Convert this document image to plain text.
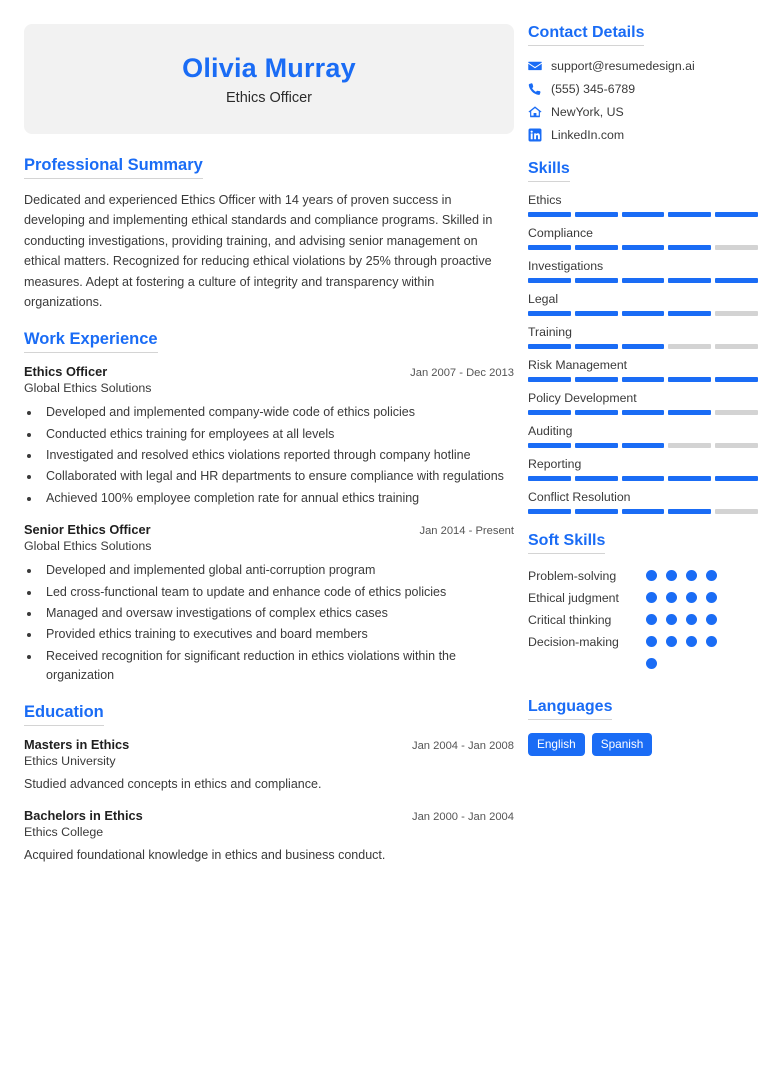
Olivia Murray
Ethics Officer
Professional Summary
Dedicated and experienced Ethics Officer with 14 years of proven success in developing and implementing ethical standards and compliance programs. Skilled in conducting investigations, providing training, and advising senior management on ethical matters. Recognized for reducing ethical violations by 25% through proactive measures. Adept at fostering a culture of integrity and transparency within organizations.
Work Experience
Ethics Officer	Jan 2007 - Dec 2013
Global Ethics Solutions
• Developed and implemented company-wide code of ethics policies
• Conducted ethics training for employees at all levels
• Investigated and resolved ethics violations reported through company hotline
• Collaborated with legal and HR departments to ensure compliance with regulations
• Achieved 100% employee completion rate for annual ethics training
Senior Ethics Officer	Jan 2014 - Present
Global Ethics Solutions
• Developed and implemented global anti-corruption program
• Led cross-functional team to update and enhance code of ethics policies
• Managed and oversaw investigations of complex ethics cases
• Provided ethics training to executives and board members
• Received recognition for significant reduction in ethics violations within the organization
Education
Masters in Ethics	Jan 2004 - Jan 2008
Ethics University
Studied advanced concepts in ethics and compliance.
Bachelors in Ethics	Jan 2000 - Jan 2004
Ethics College
Acquired foundational knowledge in ethics and business conduct.
Contact Details
support@resumedesign.ai
(555) 345-6789
NewYork, US
LinkedIn.com
Skills
Ethics
Compliance
Investigations
Legal
Training
Risk Management
Policy Development
Auditing
Reporting
Conflict Resolution
Soft Skills
Problem-solving
Ethical judgment
Critical thinking
Decision-making
Languages
English	Spanish
